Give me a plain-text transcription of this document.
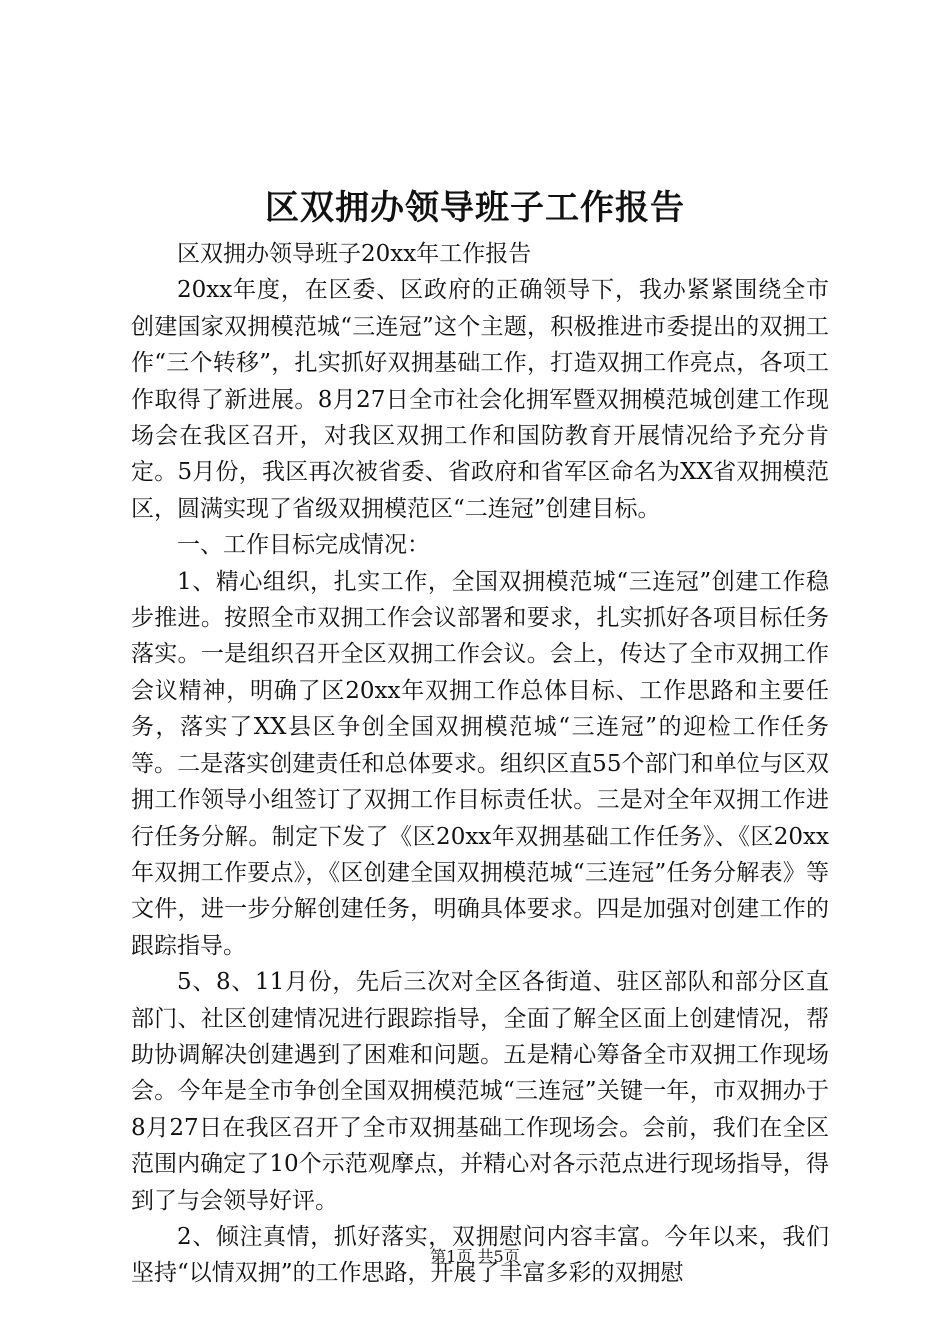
区双拥办领导班子工作报告

区双拥办领导班子20xx年工作报告

20xx年度，在区委、区政府的正确领导下，我办紧紧围绕全市创建国家双拥模范城“三连冠”这个主题，积极推进市委提出的双拥工作“三个转移”，扎实抓好双拥基础工作，打造双拥工作亮点，各项工作取得了新进展。8月27日全市社会化拥军暨双拥模范城创建工作现场会在我区召开，对我区双拥工作和国防教育开展情况给予充分肯定。5月份，我区再次被省委、省政府和省军区命名为XX省双拥模范区，圆满实现了省级双拥模范区“二连冠”创建目标。

一、工作目标完成情况：

1、精心组织，扎实工作，全国双拥模范城“三连冠”创建工作稳步推进。按照全市双拥工作会议部署和要求，扎实抓好各项目标任务落实。一是组织召开全区双拥工作会议。会上，传达了全市双拥工作会议精神，明确了区20xx年双拥工作总体目标、工作思路和主要任务，落实了XX县区争创全国双拥模范城“三连冠”的迎检工作任务等。二是落实创建责任和总体要求。组织区直55个部门和单位与区双拥工作领导小组签订了双拥工作目标责任状。三是对全年双拥工作进行任务分解。制定下发了《区20xx年双拥基础工作任务》、《区20xx年双拥工作要点》，《区创建全国双拥模范城“三连冠”任务分解表》等文件，进一步分解创建任务，明确具体要求。四是加强对创建工作的跟踪指导。

5、8、11月份，先后三次对全区各街道、驻区部队和部分区直部门、社区创建情况进行跟踪指导，全面了解全区面上创建情况，帮助协调解决创建遇到了困难和问题。五是精心筹备全市双拥工作现场会。今年是全市争创全国双拥模范城“三连冠”关键一年，市双拥办于8月27日在我区召开了全市双拥基础工作现场会。会前，我们在全区范围内确定了10个示范观摩点，并精心对各示范点进行现场指导，得到了与会领导好评。

2、倾注真情，抓好落实，双拥慰问内容丰富。今年以来，我们坚持“以情双拥”的工作思路，开展了丰富多彩的双拥慰

第1页 共5页
